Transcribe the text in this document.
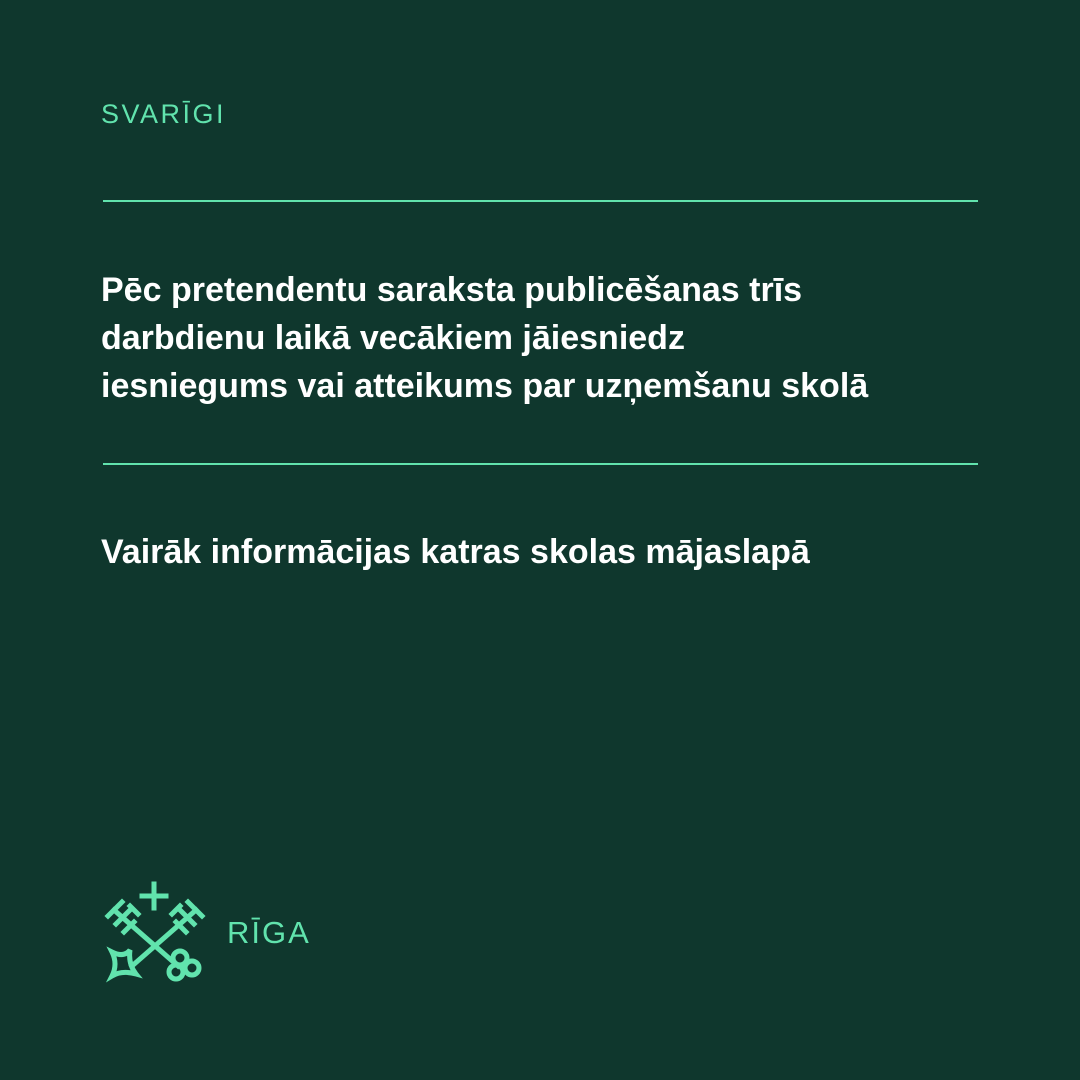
SVARĪGI
Pēc pretendentu saraksta publicēšanas trīs
darbdienu laikā vecākiem jāiesniedz
iesniegums vai atteikums par uzņemšanu skolā
Vairāk informācijas katras skolas mājaslapā
RĪGA
